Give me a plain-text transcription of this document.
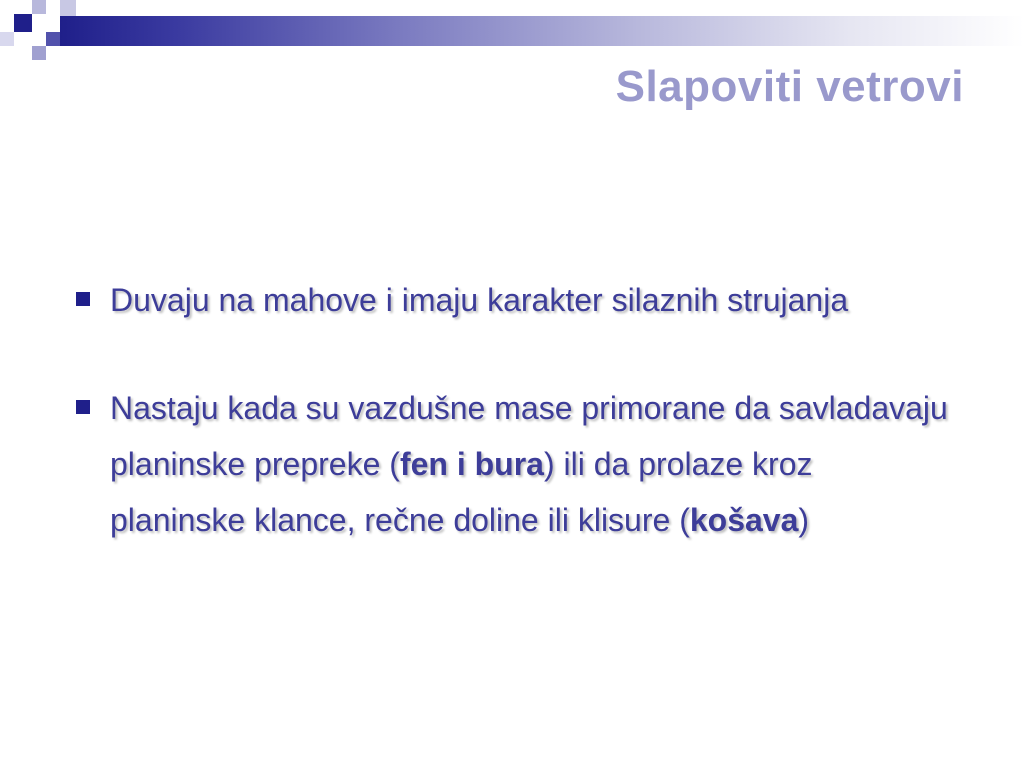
Slapoviti vetrovi
Duvaju na mahove i imaju karakter silaznih strujanja
Nastaju kada su vazdušne mase primorane da savladavaju planinske prepreke (fen i bura) ili da prolaze kroz planinske klance, rečne doline ili klisure (košava)
